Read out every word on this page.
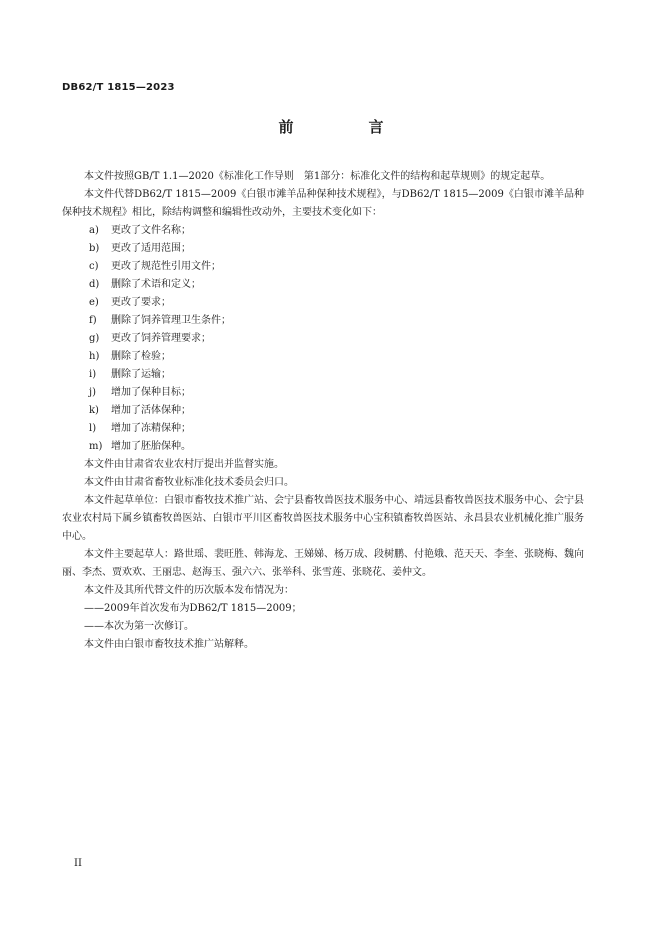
DB62/T 1815—2023
前　言

本文件按照GB/T 1.1—2020《标准化工作导则　第1部分：标准化文件的结构和起草规则》的规定起草。

本文件代替DB62/T 1815—2009《白银市滩羊品种保种技术规程》，与DB62/T 1815—2009《白银市滩羊品种保种技术规程》相比，除结构调整和编辑性改动外，主要技术变化如下：

a)	更改了文件名称；
b)	更改了适用范围；
c)	更改了规范性引用文件；
d)	删除了术语和定义；
e)	更改了要求；
f)	删除了饲养管理卫生条件；
g)	更改了饲养管理要求；
h)	删除了检验；
i)	删除了运输；
j)	增加了保种目标；
k)	增加了活体保种；
l)	增加了冻精保种；
m) 增加了胚胎保种。

本文件由甘肃省农业农村厅提出并监督实施。

本文件由甘肃省畜牧业标准化技术委员会归口。

本文件起草单位：白银市畜牧技术推广站、会宁县畜牧兽医技术服务中心、靖远县畜牧兽医技术服务中心、会宁县农业农村局下属乡镇畜牧兽医站、白银市平川区畜牧兽医技术服务中心宝积镇畜牧兽医站、永昌县农业机械化推广服务中心。

本文件主要起草人：路世瑶、裴旺胜、韩海龙、王娣娣、杨万成、段树鹏、付艳娥、范天天、李奎、张晓梅、魏向丽、李杰、贾欢欢、王丽忠、赵海玉、强六六、张举科、张雪莲、张晓花、姜仲文。

本文件及其所代替文件的历次版本发布情况为：

——2009年首次发布为DB62/T 1815—2009；

——本次为第一次修订。

本文件由白银市畜牧技术推广站解释。

II
